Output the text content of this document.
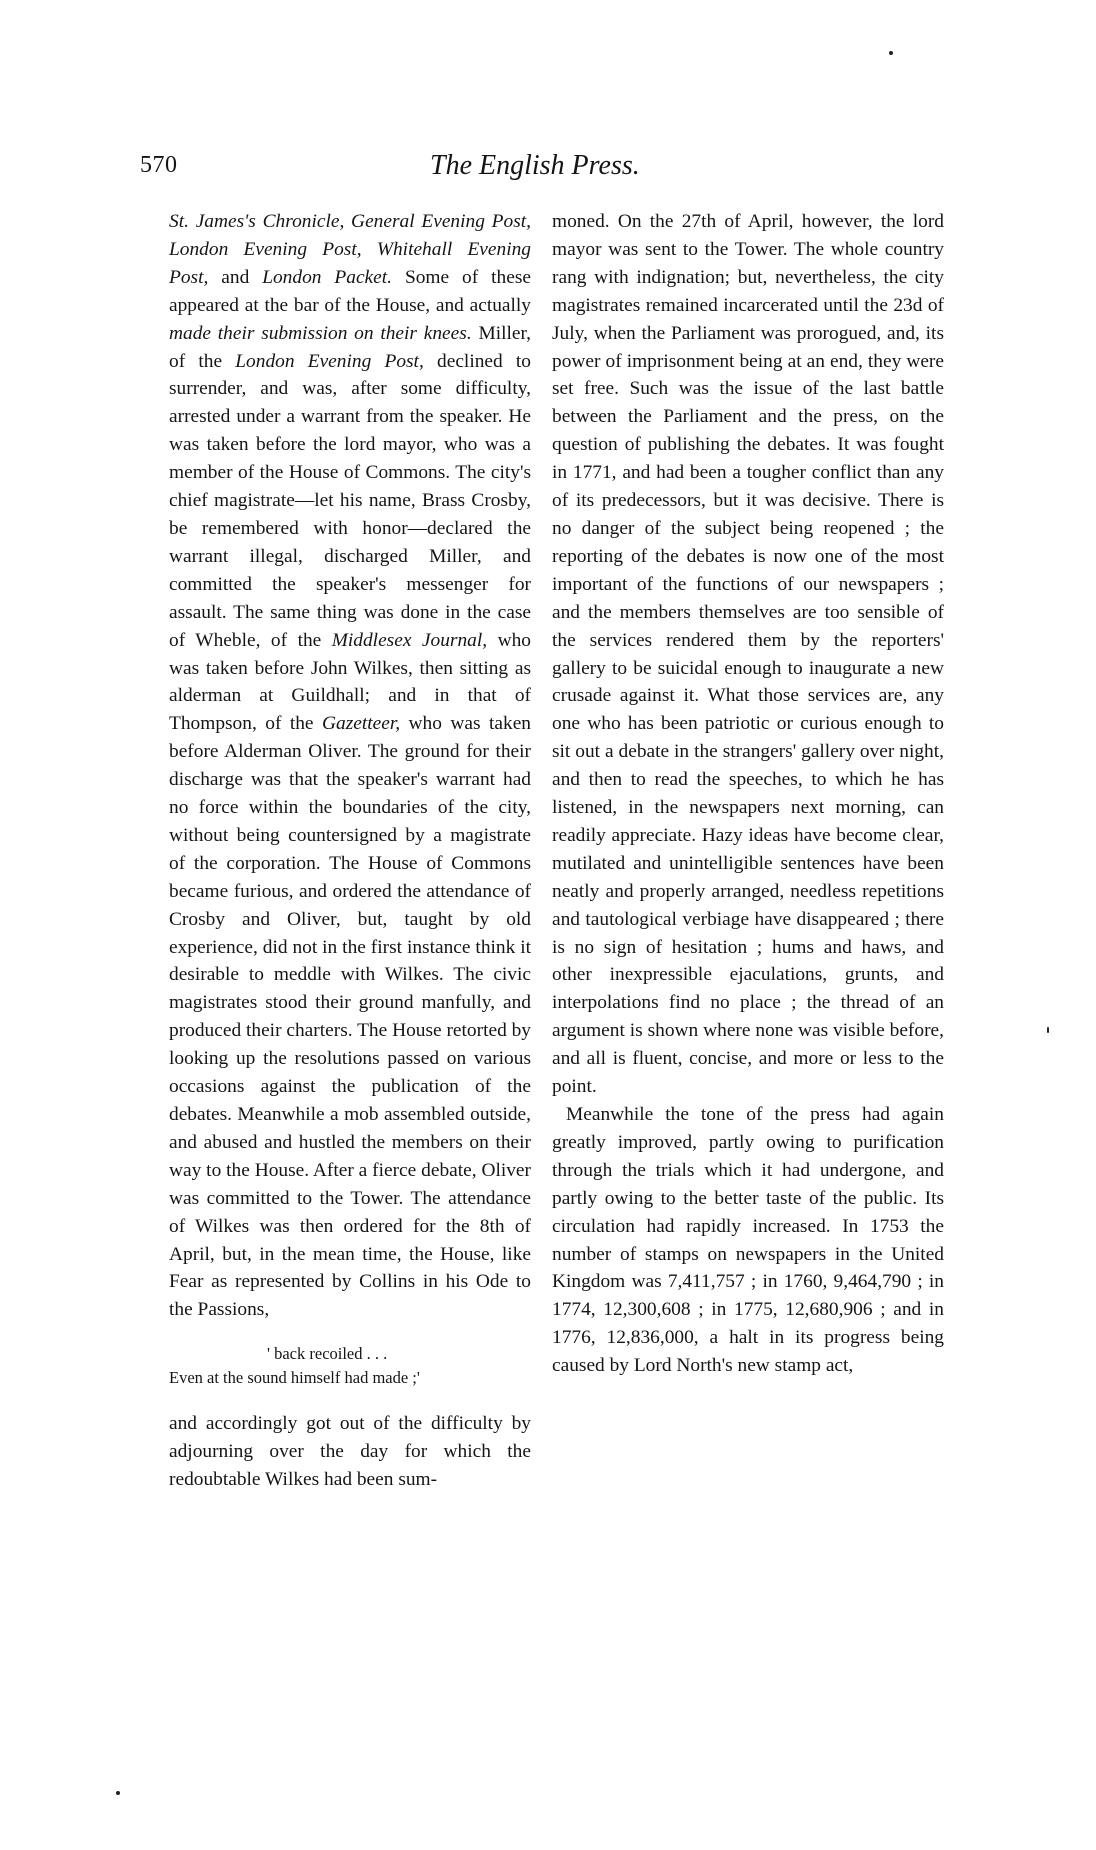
570	The English Press.

St. James's Chronicle, General Evening Post, London Evening Post, Whitehall Evening Post, and London Packet. Some of these appeared at the bar of the House, and actually made their submission on their knees. Miller, of the London Evening Post, declined to surrender, and was, after some difficulty, arrested under a warrant from the speaker. He was taken before the lord mayor, who was a member of the House of Commons. The city's chief magistrate—let his name, Brass Crosby, be remembered with honor—declared the warrant illegal, discharged Miller, and committed the speaker's messenger for assault. The same thing was done in the case of Wheble, of the Middlesex Journal, who was taken before John Wilkes, then sitting as alderman at Guildhall; and in that of Thompson, of the Gazetteer, who was taken before Alderman Oliver. The ground for their discharge was that the speaker's warrant had no force within the boundaries of the city, without being countersigned by a magistrate of the corporation. The House of Commons became furious, and ordered the attendance of Crosby and Oliver, but, taught by old experience, did not in the first instance think it desirable to meddle with Wilkes. The civic magistrates stood their ground manfully, and produced their charters. The House retorted by looking up the resolutions passed on various occasions against the publication of the debates. Meanwhile a mob assembled outside, and abused and hustled the members on their way to the House. After a fierce debate, Oliver was committed to the Tower. The attendance of Wilkes was then ordered for the 8th of April, but, in the mean time, the House, like Fear as represented by Collins in his Ode to the Passions,

' back recoiled . . .
Even at the sound himself had made ;'

and accordingly got out of the difficulty by adjourning over the day for which the redoubtable Wilkes had been sum-

moned. On the 27th of April, however, the lord mayor was sent to the Tower. The whole country rang with indignation; but, nevertheless, the city magistrates remained incarcerated until the 23d of July, when the Parliament was prorogued, and, its power of imprisonment being at an end, they were set free. Such was the issue of the last battle between the Parliament and the press, on the question of publishing the debates. It was fought in 1771, and had been a tougher conflict than any of its predecessors, but it was decisive. There is no danger of the subject being reopened ; the reporting of the debates is now one of the most important of the functions of our newspapers ; and the members themselves are too sensible of the services rendered them by the reporters' gallery to be suicidal enough to inaugurate a new crusade against it. What those services are, any one who has been patriotic or curious enough to sit out a debate in the strangers' gallery over night, and then to read the speeches, to which he has listened, in the newspapers next morning, can readily appreciate. Hazy ideas have become clear, mutilated and unintelligible sentences have been neatly and properly arranged, needless repetitions and tautological verbiage have disappeared ; there is no sign of hesitation ; hums and haws, and other inexpressible ejaculations, grunts, and interpolations find no place ; the thread of an argument is shown where none was visible before, and all is fluent, concise, and more or less to the point.

Meanwhile the tone of the press had again greatly improved, partly owing to purification through the trials which it had undergone, and partly owing to the better taste of the public. Its circulation had rapidly increased. In 1753 the number of stamps on newspapers in the United Kingdom was 7,411,757 ; in 1760, 9,464,790 ; in 1774, 12,300,608 ; in 1775, 12,680,906 ; and in 1776, 12,836,000, a halt in its progress being caused by Lord North's new stamp act,
